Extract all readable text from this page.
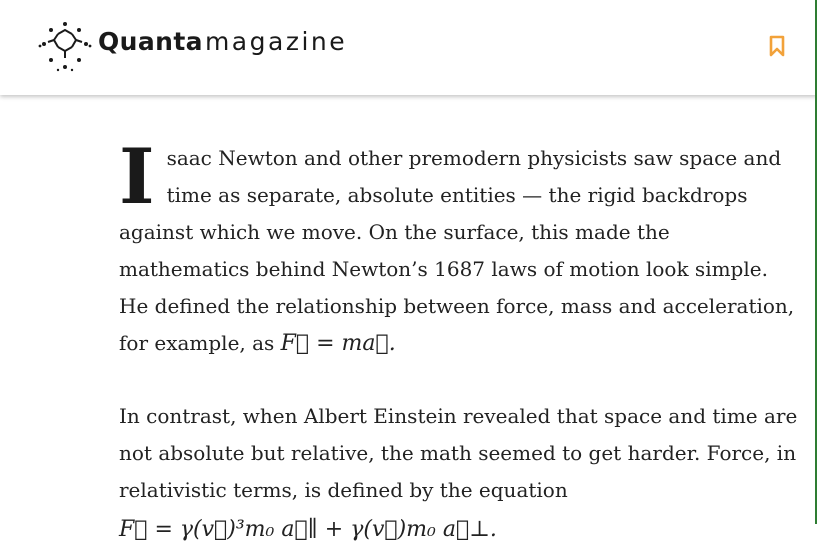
Quantamagazine
Isaac Newton and other premodern physicists saw space and time as separate, absolute entities — the rigid backdrops against which we move. On the surface, this made the mathematics behind Newton’s 1687 laws of motion look simple. He defined the relationship between force, mass and acceleration, for example, as F⃗ = ma⃗.
In contrast, when Albert Einstein revealed that space and time are not absolute but relative, the math seemed to get harder. Force, in relativistic terms, is defined by the equation
F⃗ = γ(v⃗)³m₀ a⃗∥ + γ(v⃗)m₀ a⃗⊥.
